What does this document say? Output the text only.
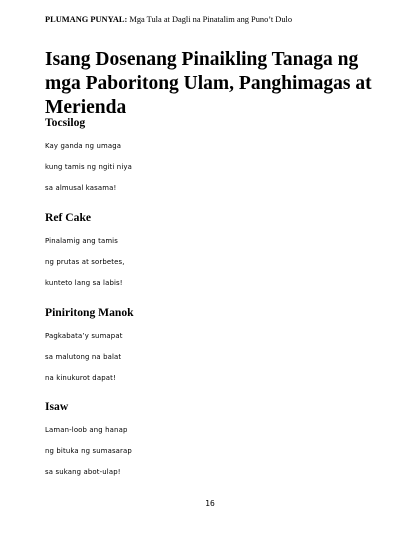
PLUMANG PUNYAL: Mga Tula at Dagli na Pinatalim ang Puno’t Dulo
Isang Dosenang Pinaikling Tanaga ng mga Paboritong Ulam, Panghimagas at Merienda
Tocsilog
Kay ganda ng umaga
kung tamis ng ngiti niya
sa almusal kasama!
Ref Cake
Pinalamig ang tamis
ng prutas at sorbetes,
kunteto lang sa labis!
Piniritong Manok
Pagkabata’y sumapat
sa malutong na balat
na kinukurot dapat!
Isaw
Laman-loob ang hanap
ng bituka ng sumasarap
sa sukang abot-ulap!
16
